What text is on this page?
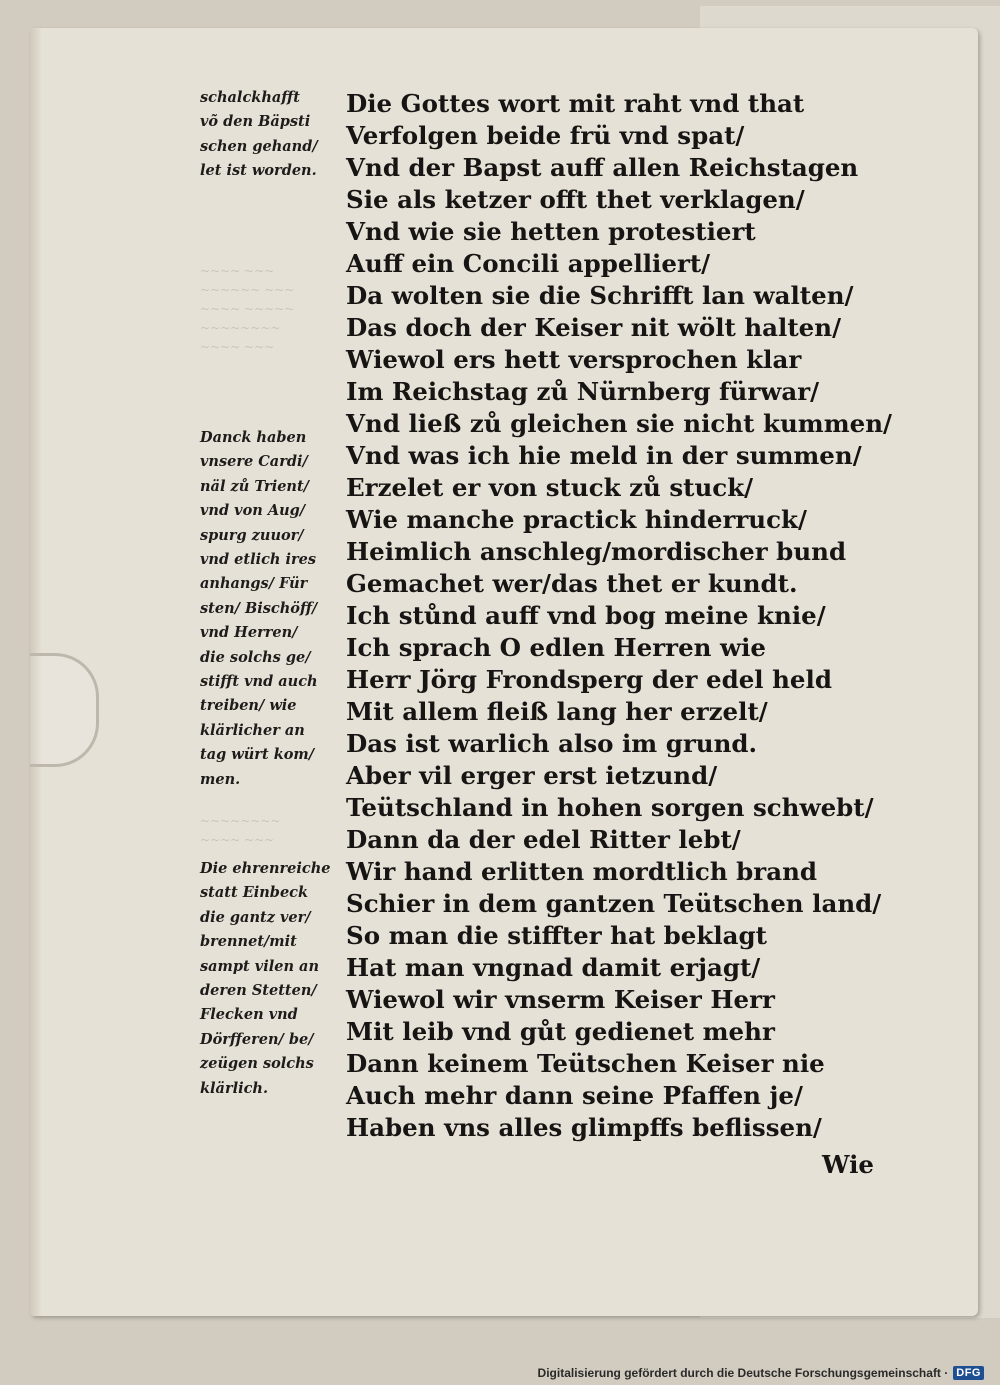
~~~~ ~~~
~~~~~~ ~~~
~~~~ ~~~~~
~~~~~~~~
~~~~ ~~~
~~~~~~~~
~~~~ ~~~
schalckhafft
võ den Bäpsti
schen gehand/
let ist worden.
Danck haben
vnsere Cardi/
näl zů Trient/
vnd von Aug/
spurg zuuor/
vnd etlich ires
anhangs/ Für
sten/ Bischöff/
vnd Herren/
die solchs ge/
stifft vnd auch
treiben/ wie
klärlicher an
tag würt kom/
men.
Die ehrenreiche
statt Einbeck
die gantz ver/
brennet/mit
sampt vilen an
deren Stetten/
Flecken vnd
Dörfferen/ be/
zeügen solchs
klärlich.
Die Gottes wort mit raht vnd that
Verfolgen beide frü vnd spat/
Vnd der Bapst auff allen Reichstagen
Sie als ketzer offt thet verklagen/
Vnd wie sie hetten protestiert
Auff ein Concili appelliert/
Da wolten sie die Schrifft lan walten/
Das doch der Keiser nit wölt halten/
Wiewol ers hett versprochen klar
Im Reichstag zů Nürnberg fürwar/
Vnd ließ zů gleichen sie nicht kummen/
Vnd was ich hie meld in der summen/
Erzelet er von stuck zů stuck/
Wie manche practick hinderruck/
Heimlich anschleg/mordischer bund
Gemachet wer/das thet er kundt.
Ich stůnd auff vnd bog meine knie/
Ich sprach O edlen Herren wie
Herr Jörg Frondsperg der edel held
Mit allem fleiß lang her erzelt/
Das ist warlich also im grund.
Aber vil erger erst ietzund/
Teütschland in hohen sorgen schwebt/
Dann da der edel Ritter lebt/
Wir hand erlitten mordtlich brand
Schier in dem gantzen Teütschen land/
So man die stiffter hat beklagt
Hat man vngnad damit erjagt/
Wiewol wir vnserm Keiser Herr
Mit leib vnd gůt gedienet mehr
Dann keinem Teütschen Keiser nie
Auch mehr dann seine Pfaffen je/
Haben vns alles glimpffs beflissen/
Wie
Digitalisierung gefördert durch die Deutsche Forschungsgemeinschaft · DFG
